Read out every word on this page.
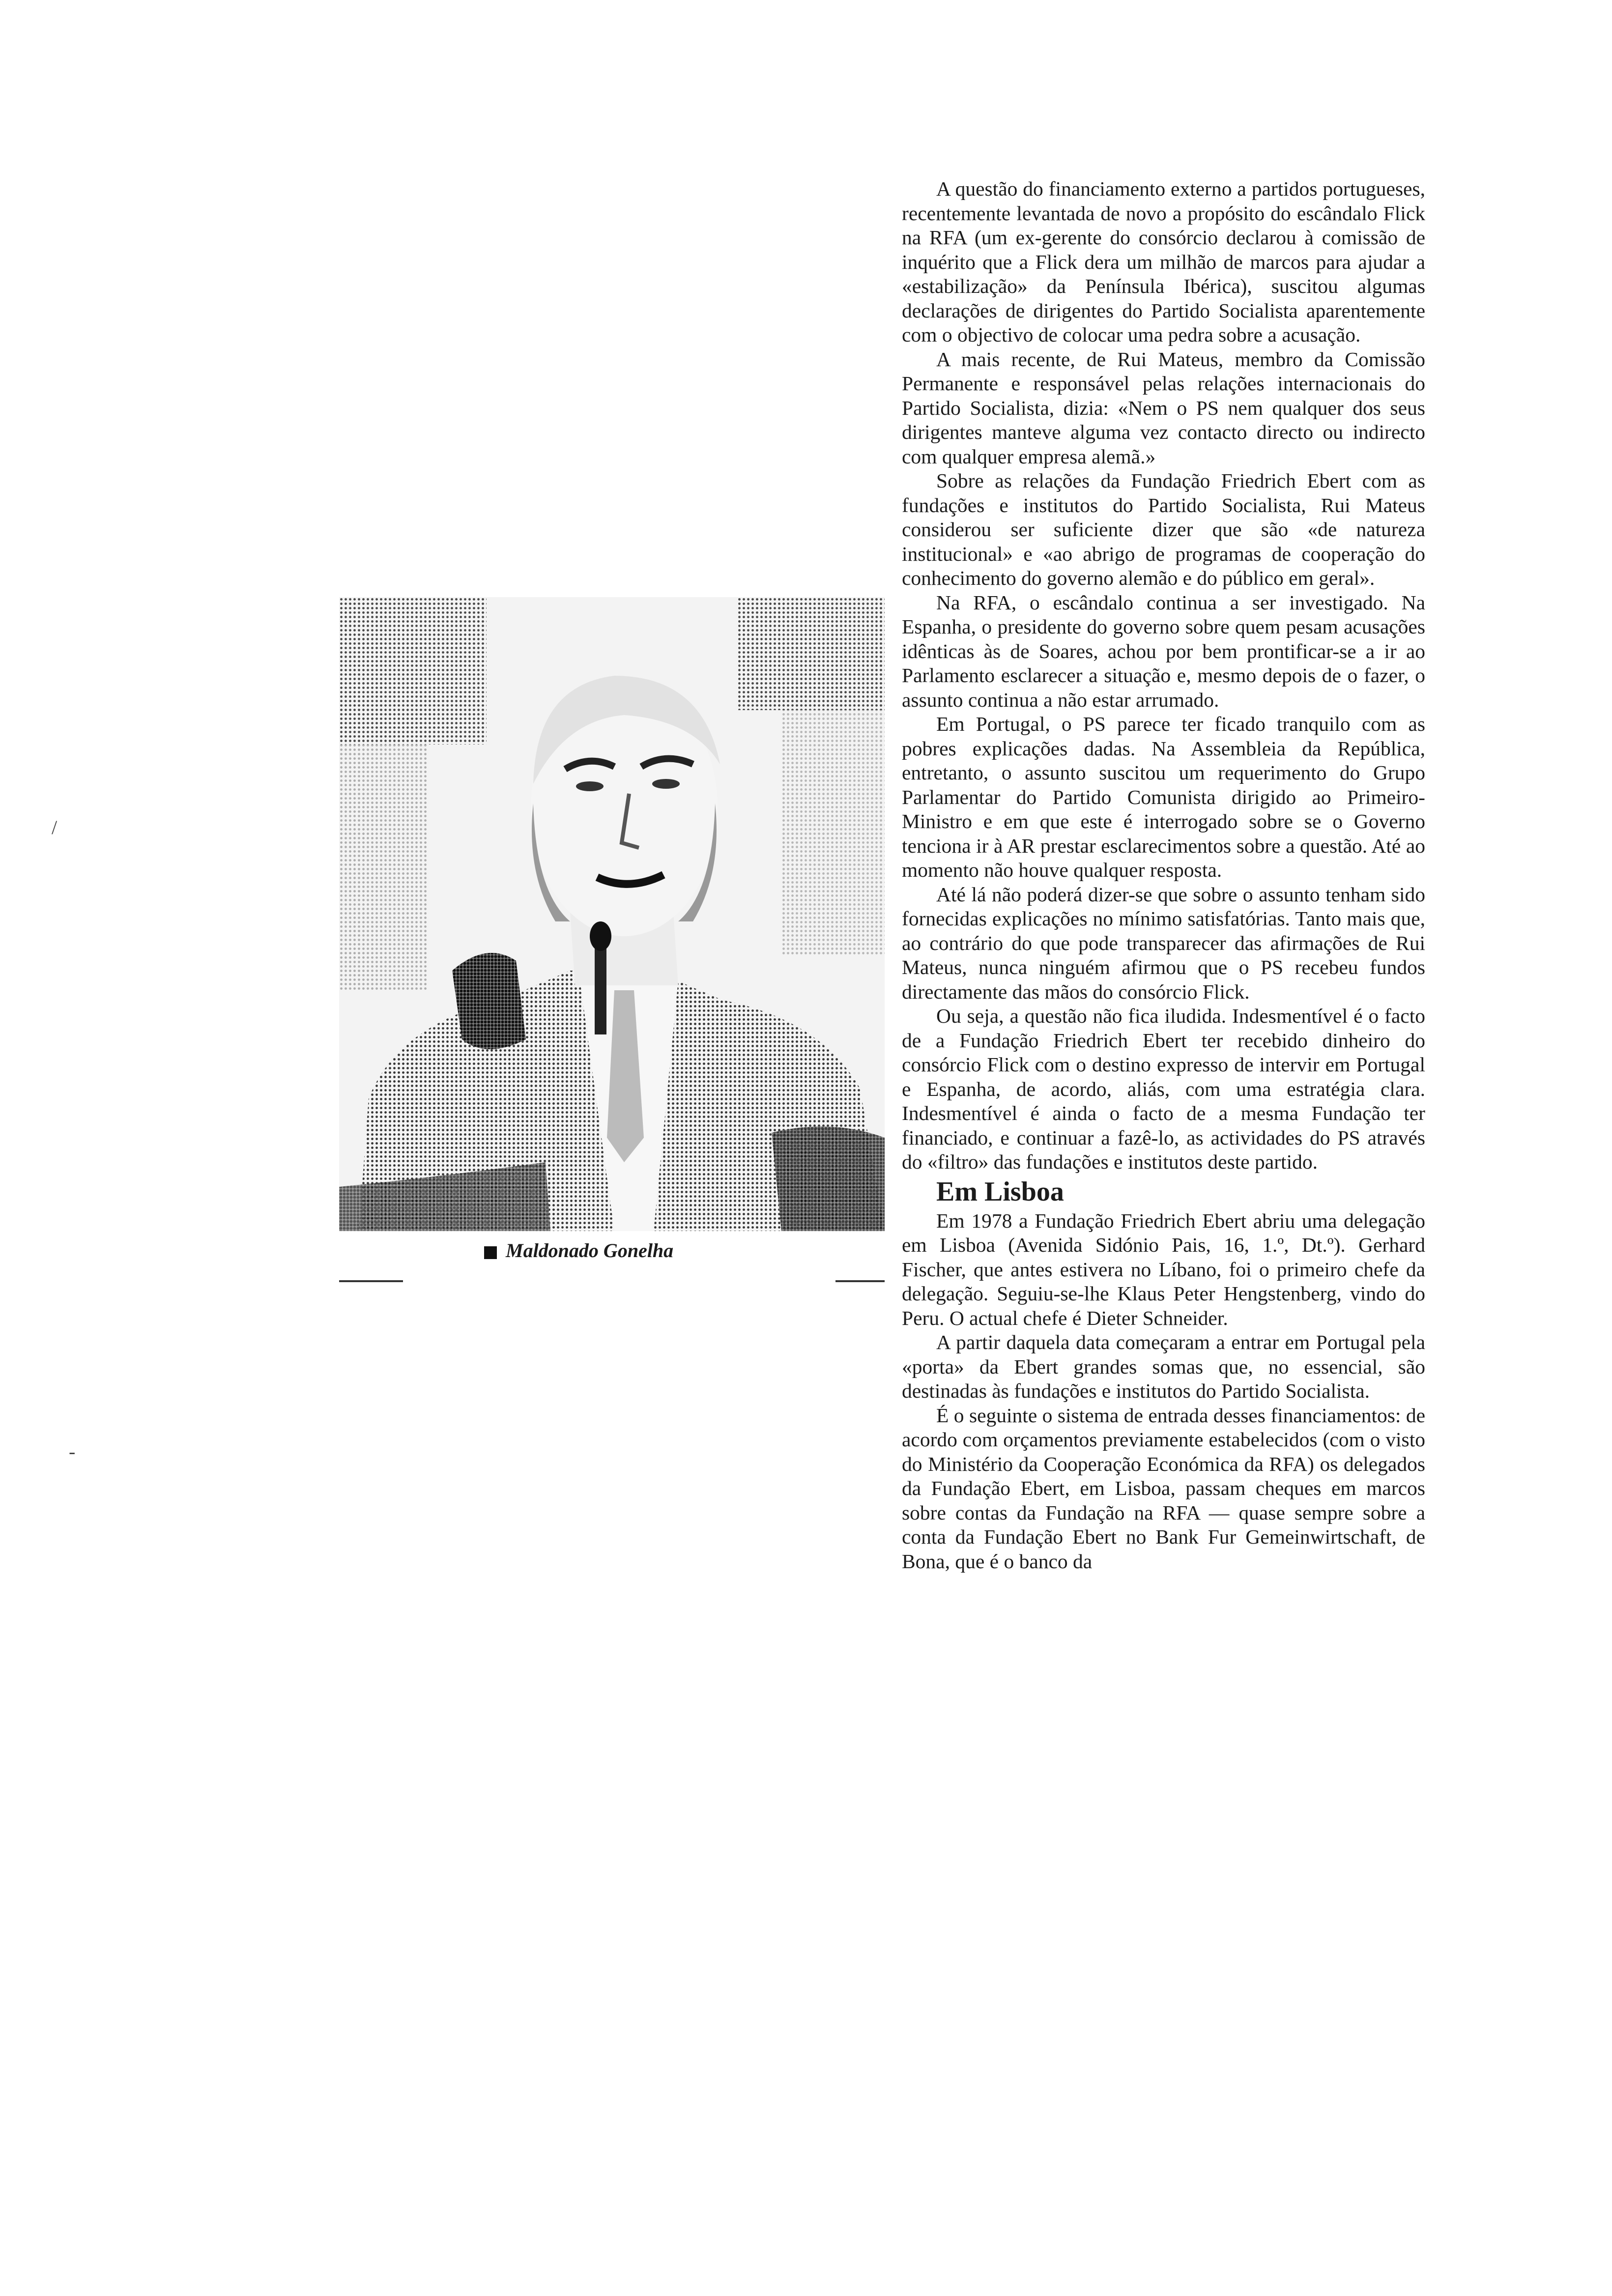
Maldonado Gonelha
/
-

A questão do financiamento externo a partidos portugueses, recentemente levantada de novo a propósito do escândalo Flick na RFA (um ex-gerente do consórcio declarou à comissão de inquérito que a Flick dera um milhão de marcos para ajudar a «estabilização» da Península Ibérica), suscitou algumas declarações de dirigentes do Partido Socialista aparentemente com o objectivo de colocar uma pedra sobre a acusação.

A mais recente, de Rui Mateus, membro da Comissão Permanente e responsável pelas relações internacionais do Partido Socialista, dizia: «Nem o PS nem qualquer dos seus dirigentes manteve alguma vez contacto directo ou indirecto com qualquer empresa alemã.»

Sobre as relações da Fundação Friedrich Ebert com as fundações e institutos do Partido Socialista, Rui Mateus considerou ser suficiente dizer que são «de natureza institucional» e «ao abrigo de programas de cooperação do conhecimento do governo alemão e do público em geral».

Na RFA, o escândalo continua a ser investigado. Na Espanha, o presidente do governo sobre quem pesam acusações idênticas às de Soares, achou por bem prontificar-se a ir ao Parlamento esclarecer a situação e, mesmo depois de o fazer, o assunto continua a não estar arrumado.

Em Portugal, o PS parece ter ficado tranquilo com as pobres explicações dadas. Na Assembleia da República, entretanto, o assunto suscitou um requerimento do Grupo Parlamentar do Partido Comunista dirigido ao Primeiro-Ministro e em que este é interrogado sobre se o Governo tenciona ir à AR prestar esclarecimentos sobre a questão. Até ao momento não houve qualquer resposta.

Até lá não poderá dizer-se que sobre o assunto tenham sido fornecidas explicações no mínimo satisfatórias. Tanto mais que, ao contrário do que pode transparecer das afirmações de Rui Mateus, nunca ninguém afirmou que o PS recebeu fundos directamente das mãos do consórcio Flick.

Ou seja, a questão não fica iludida. Indesmentível é o facto de a Fundação Friedrich Ebert ter recebido dinheiro do consórcio Flick com o destino expresso de intervir em Portugal e Espanha, de acordo, aliás, com uma estratégia clara. Indesmentível é ainda o facto de a mesma Fundação ter financiado, e continuar a fazê-lo, as actividades do PS através do «filtro» das fundações e institutos deste partido.

Em Lisboa

Em 1978 a Fundação Friedrich Ebert abriu uma delegação em Lisboa (Avenida Sidónio Pais, 16, 1.º, Dt.º). Gerhard Fischer, que antes estivera no Líbano, foi o primeiro chefe da delegação. Seguiu-se-lhe Klaus Peter Hengstenberg, vindo do Peru. O actual chefe é Dieter Schneider.

A partir daquela data começaram a entrar em Portugal pela «porta» da Ebert grandes somas que, no essencial, são destinadas às fundações e institutos do Partido Socialista.

É o seguinte o sistema de entrada desses financiamentos: de acordo com orçamentos previamente estabelecidos (com o visto do Ministério da Cooperação Económica da RFA) os delegados da Fundação Ebert, em Lisboa, passam cheques em marcos sobre contas da Fundação na RFA — quase sempre sobre a conta da Fundação Ebert no Bank Fur Gemeinwirtschaft, de Bona, que é o banco da
